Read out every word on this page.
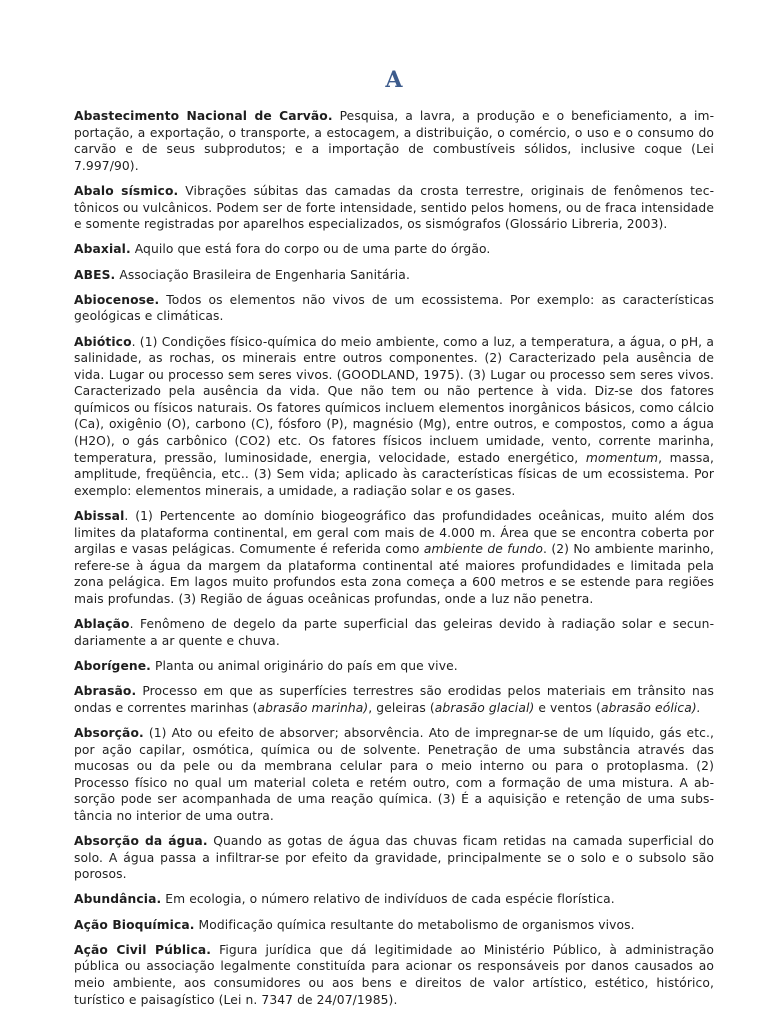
A

Abastecimento Nacional de Carvão. Pesquisa, a lavra, a produção e o beneficiamento, a importação, a exportação, o transporte, a estocagem, a distribuição, o comércio, o uso e o consumo do carvão e de seus subprodutos; e a importação de combustíveis sólidos, inclusive coque (Lei 7.997/90).

Abalo sísmico. Vibrações súbitas das camadas da crosta terrestre, originais de fenômenos tectônicos ou vulcânicos. Podem ser de forte intensidade, sentido pelos homens, ou de fraca intensidade e somente registradas por aparelhos especializados, os sismógrafos (Glossário Libreria, 2003).

Abaxial. Aquilo que está fora do corpo ou de uma parte do órgão.

ABES. Associação Brasileira de Engenharia Sanitária.

Abiocenose. Todos os elementos não vivos de um ecossistema. Por exemplo: as características geológicas e climáticas.

Abiótico. (1) Condições físico-química do meio ambiente, como a luz, a temperatura, a água, o pH, a salinidade, as rochas, os minerais entre outros componentes. (2) Caracterizado pela ausência de vida. Lugar ou processo sem seres vivos. (GOODLAND, 1975). (3) Lugar ou processo sem seres vivos. Caracterizado pela ausência da vida. Que não tem ou não pertence à vida. Diz-se dos fatores químicos ou físicos naturais. Os fatores químicos incluem elementos inorgânicos básicos, como cálcio (Ca), oxigênio (O), carbono (C), fósforo (P), magnésio (Mg), entre outros, e compostos, como a água (H2O), o gás carbônico (CO2) etc. Os fatores físicos incluem umidade, vento, corrente marinha, temperatura, pressão, luminosidade, energia, velocidade, estado energético, momentum, massa, amplitude, freqüência, etc.. (3) Sem vida; aplicado às características físicas de um ecossistema. Por exemplo: elementos minerais, a umidade, a radiação solar e os gases.

Abissal. (1) Pertencente ao domínio biogeográfico das profundidades oceânicas, muito além dos limites da plataforma continental, em geral com mais de 4.000 m. Área que se encontra coberta por argilas e vasas pelágicas. Comumente é referida como ambiente de fundo. (2) No ambiente marinho, refere-se à água da margem da plataforma continental até maiores profundidades e limitada pela zona pelágica. Em lagos muito profundos esta zona começa a 600 metros e se estende para regiões mais profundas. (3) Região de águas oceânicas profundas, onde a luz não penetra.

Ablação. Fenômeno de degelo da parte superficial das geleiras devido à radiação solar e secundariamente a ar quente e chuva.

Aborígene. Planta ou animal originário do país em que vive.

Abrasão. Processo em que as superfícies terrestres são erodidas pelos materiais em trânsito nas ondas e correntes marinhas (abrasão marinha), geleiras (abrasão glacial) e ventos (abrasão eólica).

Absorção. (1) Ato ou efeito de absorver; absorvência. Ato de impregnar-se de um líquido, gás etc., por ação capilar, osmótica, química ou de solvente. Penetração de uma substância através das mucosas ou da pele ou da membrana celular para o meio interno ou para o protoplasma. (2) Processo físico no qual um material coleta e retém outro, com a formação de uma mistura. A absorção pode ser acompanhada de uma reação química. (3) É a aquisição e retenção de uma substância no interior de uma outra.

Absorção da água. Quando as gotas de água das chuvas ficam retidas na camada superficial do solo. A água passa a infiltrar-se por efeito da gravidade, principalmente se o solo e o subsolo são porosos.

Abundância. Em ecologia, o número relativo de indivíduos de cada espécie florística.

Ação Bioquímica. Modificação química resultante do metabolismo de organismos vivos.

Ação Civil Pública. Figura jurídica que dá legitimidade ao Ministério Público, à administração pública ou associação legalmente constituída para acionar os responsáveis por danos causados ao meio ambiente, aos consumidores ou aos bens e direitos de valor artístico, estético, histórico, turístico e paisagístico (Lei n. 7347 de 24/07/1985).
